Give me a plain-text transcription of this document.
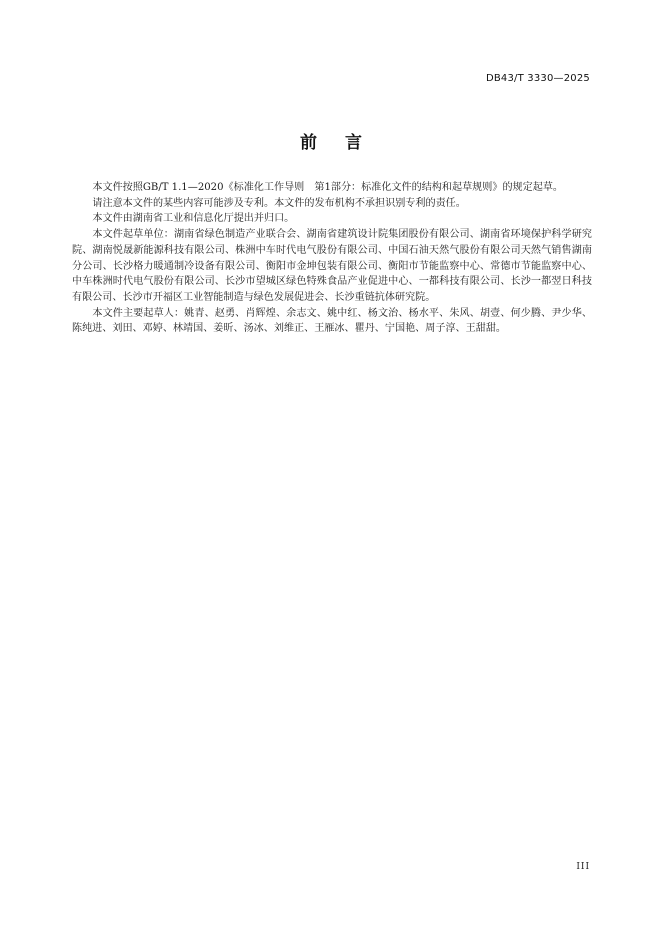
DB43/T 3330—2025
前言

本文件按照GB/T 1.1—2020《标准化工作导则　第1部分：标准化文件的结构和起草规则》的规定起草。

请注意本文件的某些内容可能涉及专利。本文件的发布机构不承担识别专利的责任。

本文件由湖南省工业和信息化厅提出并归口。

本文件起草单位：湖南省绿色制造产业联合会、湖南省建筑设计院集团股份有限公司、湖南省环境保护科学研究院、湖南悦晟新能源科技有限公司、株洲中车时代电气股份有限公司、中国石油天然气股份有限公司天然气销售湖南分公司、长沙格力暖通制冷设备有限公司、衡阳市金坤包装有限公司、衡阳市节能监察中心、常德市节能监察中心、中车株洲时代电气股份有限公司、长沙市望城区绿色特殊食品产业促进中心、一都科技有限公司、长沙一都翌日科技有限公司、长沙市开福区工业智能制造与绿色发展促进会、长沙重链抗体研究院。

本文件主要起草人：姚青、赵勇、肖辉煌、余志文、姚中红、杨文治、杨水平、朱风、胡壹、何少腾、尹少华、陈纯进、刘田、邓婷、林靖国、姜昕、汤冰、刘维正、王雁冰、瞿丹、宁国艳、周子淳、王甜甜。

III
